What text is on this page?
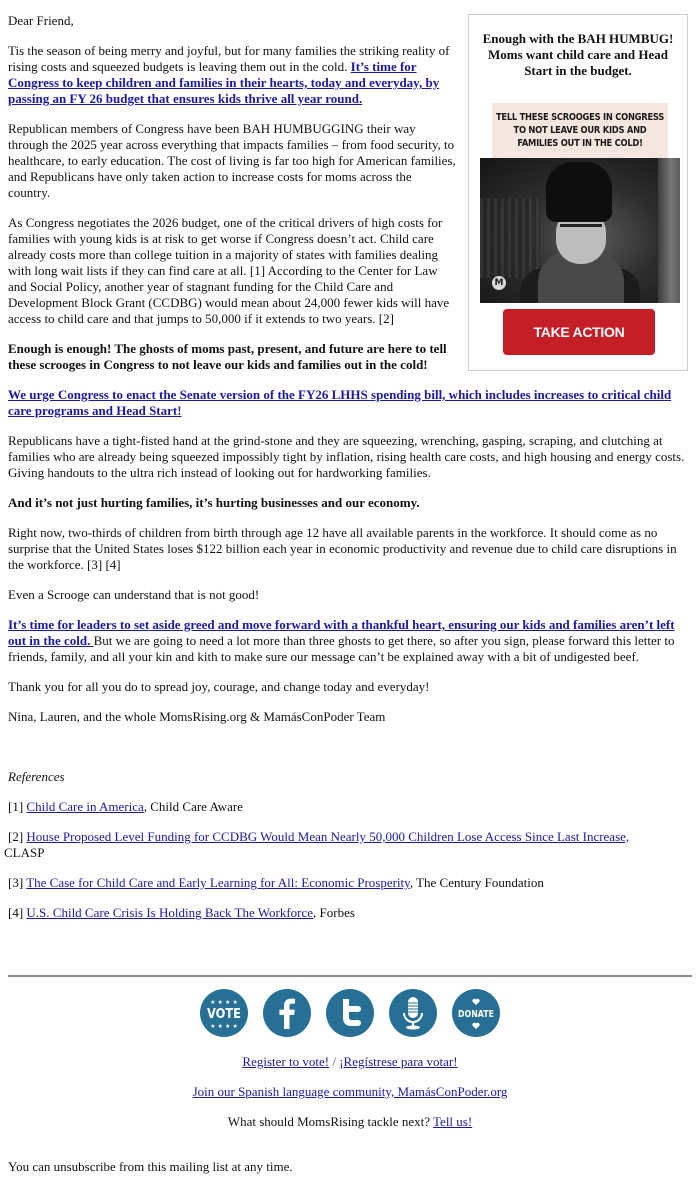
Dear Friend,

Tis the season of being merry and joyful, but for many families the striking reality of rising costs and squeezed budgets is leaving them out in the cold. It’s time for Congress to keep children and families in their hearts, today and everyday, by passing an FY 26 budget that ensures kids thrive all year round.

Republican members of Congress have been BAH HUMBUGGING their way through the 2025 year across everything that impacts families – from food security, to healthcare, to early education. The cost of living is far too high for American families, and Republicans have only taken action to increase costs for moms across the country.

As Congress negotiates the 2026 budget, one of the critical drivers of high costs for families with young kids is at risk to get worse if Congress doesn’t act. Child care already costs more than college tuition in a majority of states with families dealing with long wait lists if they can find care at all. [1] According to the Center for Law and Social Policy, another year of stagnant funding for the Child Care and Development Block Grant (CCDBG) would mean about 24,000 fewer kids will have access to child care and that jumps to 50,000 if it extends to two years. [2]

Enough is enough! The ghosts of moms past, present, and future are here to tell these scrooges in Congress to not leave our kids and families out in the cold!

We urge Congress to enact the Senate version of the FY26 LHHS spending bill, which includes increases to critical child care programs and Head Start!

Republicans have a tight-fisted hand at the grind-stone and they are squeezing, wrenching, gasping, scraping, and clutching at families who are already being squeezed impossibly tight by inflation, rising health care costs, and high housing and energy costs. Giving handouts to the ultra rich instead of looking out for hardworking families.

And it’s not just hurting families, it’s hurting businesses and our economy.

Right now, two-thirds of children from birth through age 12 have all available parents in the workforce. It should come as no surprise that the United States loses $122 billion each year in economic productivity and revenue due to child care disruptions in the workforce. [3] [4]

Even a Scrooge can understand that is not good!

It’s time for leaders to set aside greed and move forward with a thankful heart, ensuring our kids and families aren’t left out in the cold. But we are going to need a lot more than three ghosts to get there, so after you sign, please forward this letter to friends, family, and all your kin and kith to make sure our message can’t be explained away with a bit of undigested beef.

Thank you for all you do to spread joy, courage, and change today and everyday!

Nina, Lauren, and the whole MomsRising.org & MamásConPoder Team

References

[1] Child Care in America, Child Care Aware

[2] House Proposed Level Funding for CCDBG Would Mean Nearly 50,000 Children Lose Access Since Last Increase,
CLASP

[3] The Case for Child Care and Early Learning for All: Economic Prosperity, The Century Foundation

[4] U.S. Child Care Crisis Is Holding Back The Workforce, Forbes

Enough with the BAH HUMBUG! Moms want child care and Head Start in the budget.
TELL THESE SCROOGES IN CONGRESS TO NOT LEAVE OUR KIDS AND FAMILIES OUT IN THE COLD!
M
TAKE ACTION
VOTE
★ ★ ★ ★
★ ★ ★ ★
DONATE

Register to vote! / ¡Regístrese para votar!

Join our Spanish language community, MamásConPoder.org

What should MomsRising tackle next? Tell us!

You can unsubscribe from this mailing list at any time.
